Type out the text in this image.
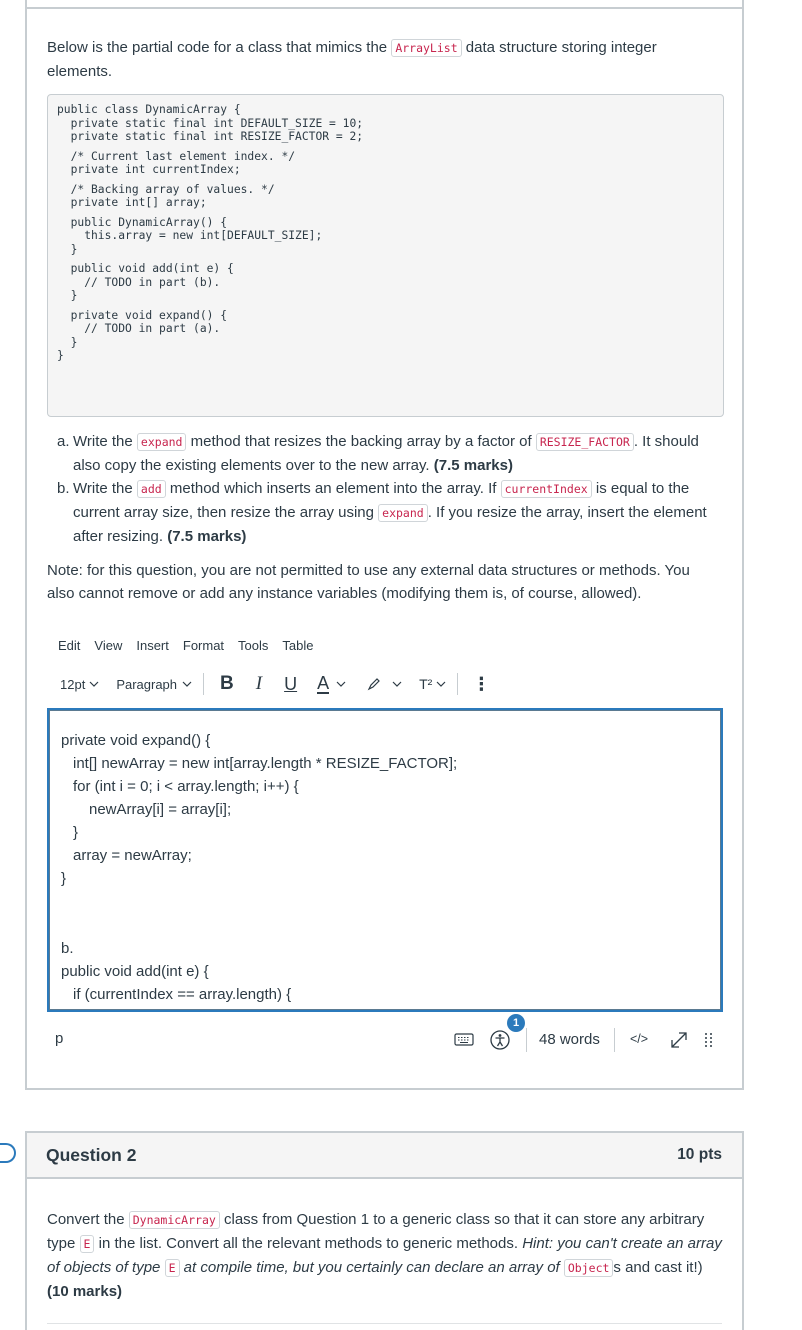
Below is the partial code for a class that mimics the ArrayList data structure storing integer elements.

public class DynamicArray {
private static final int DEFAULT_SIZE = 10;
private static final int RESIZE_FACTOR = 2;
/* Current last element index. */
private int currentIndex;
/* Backing array of values. */
private int[] array;
public DynamicArray() {
this.array = new int[DEFAULT_SIZE];
}
public void add(int e) {
// TODO in part (b).
}
private void expand() {
// TODO in part (a).
}
}
a. Write the expand method that resizes the backing array by a factor of RESIZE_FACTOR . It should also copy the existing elements over to the new array. (7.5 marks)
b. Write the add method which inserts an element into the array. If currentIndex is equal to the current array size, then resize the array using expand . If you resize the array, insert the element after resizing. (7.5 marks)

Note: for this question, you are not permitted to use any external data structures or methods. You also cannot remove or add any instance variables (modifying them is, of course, allowed).

Edit View Insert Format Tools Table
12pt Paragraph B I U A	T² ⋮
private void expand() {
int[] newArray = new int[array.length * RESIZE_FACTOR];
for (int i = 0; i < array.length; i++) {
newArray[i] = array[i];
}
array = newArray;
}
b.
public void add(int e) {
if (currentIndex == array.length) {
p
1
48 words </>
Question 2	10 pts

Convert the DynamicArray class from Question 1 to a generic class so that it can store any arbitrary type E in the list. Convert all the relevant methods to generic methods. Hint: you can't create an array of objects of type E at compile time, but you certainly can declare an array of Object s and cast it!) (10 marks)
